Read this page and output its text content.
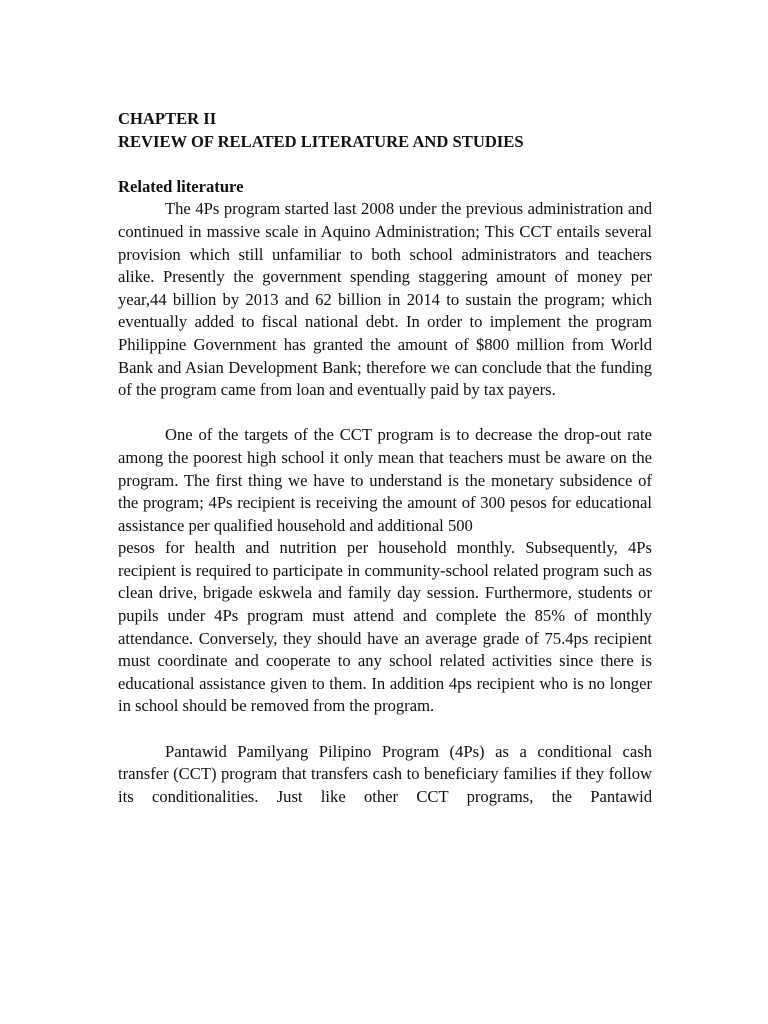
CHAPTER II

REVIEW OF RELATED LITERATURE AND STUDIES

Related literature

The 4Ps program started last 2008 under the previous administration and continued in massive scale in Aquino Administration; This CCT entails several provision which still unfamiliar to both school administrators and teachers alike. Presently the government spending staggering amount of money per year,44 billion by 2013 and 62 billion in 2014 to sustain the program; which eventually added to fiscal national debt. In order to implement the program Philippine Government has granted the amount of $800 million from World Bank and Asian Development Bank; therefore we can conclude that the funding of the program came from loan and eventually paid by tax payers.

One of the targets of the CCT program is to decrease the drop-out rate among the poorest high school it only mean that teachers must be aware on the program. The first thing we have to understand is the monetary subsidence of the program; 4Ps recipient is receiving the amount of 300 pesos for educational assistance per qualified household and additional 500

pesos for health and nutrition per household monthly. Subsequently, 4Ps recipient is required to participate in community-school related program such as clean drive, brigade eskwela and family day session. Furthermore, students or pupils under 4Ps program must attend and complete the 85% of monthly attendance. Conversely, they should have an average grade of 75.4ps recipient must coordinate and cooperate to any school related activities since there is educational assistance given to them. In addition 4ps recipient who is no longer in school should be removed from the program.

Pantawid Pamilyang Pilipino Program (4Ps) as a conditional cash transfer (CCT) program that transfers cash to beneficiary families if they follow its conditionalities. Just like other CCT programs, the Pantawid
